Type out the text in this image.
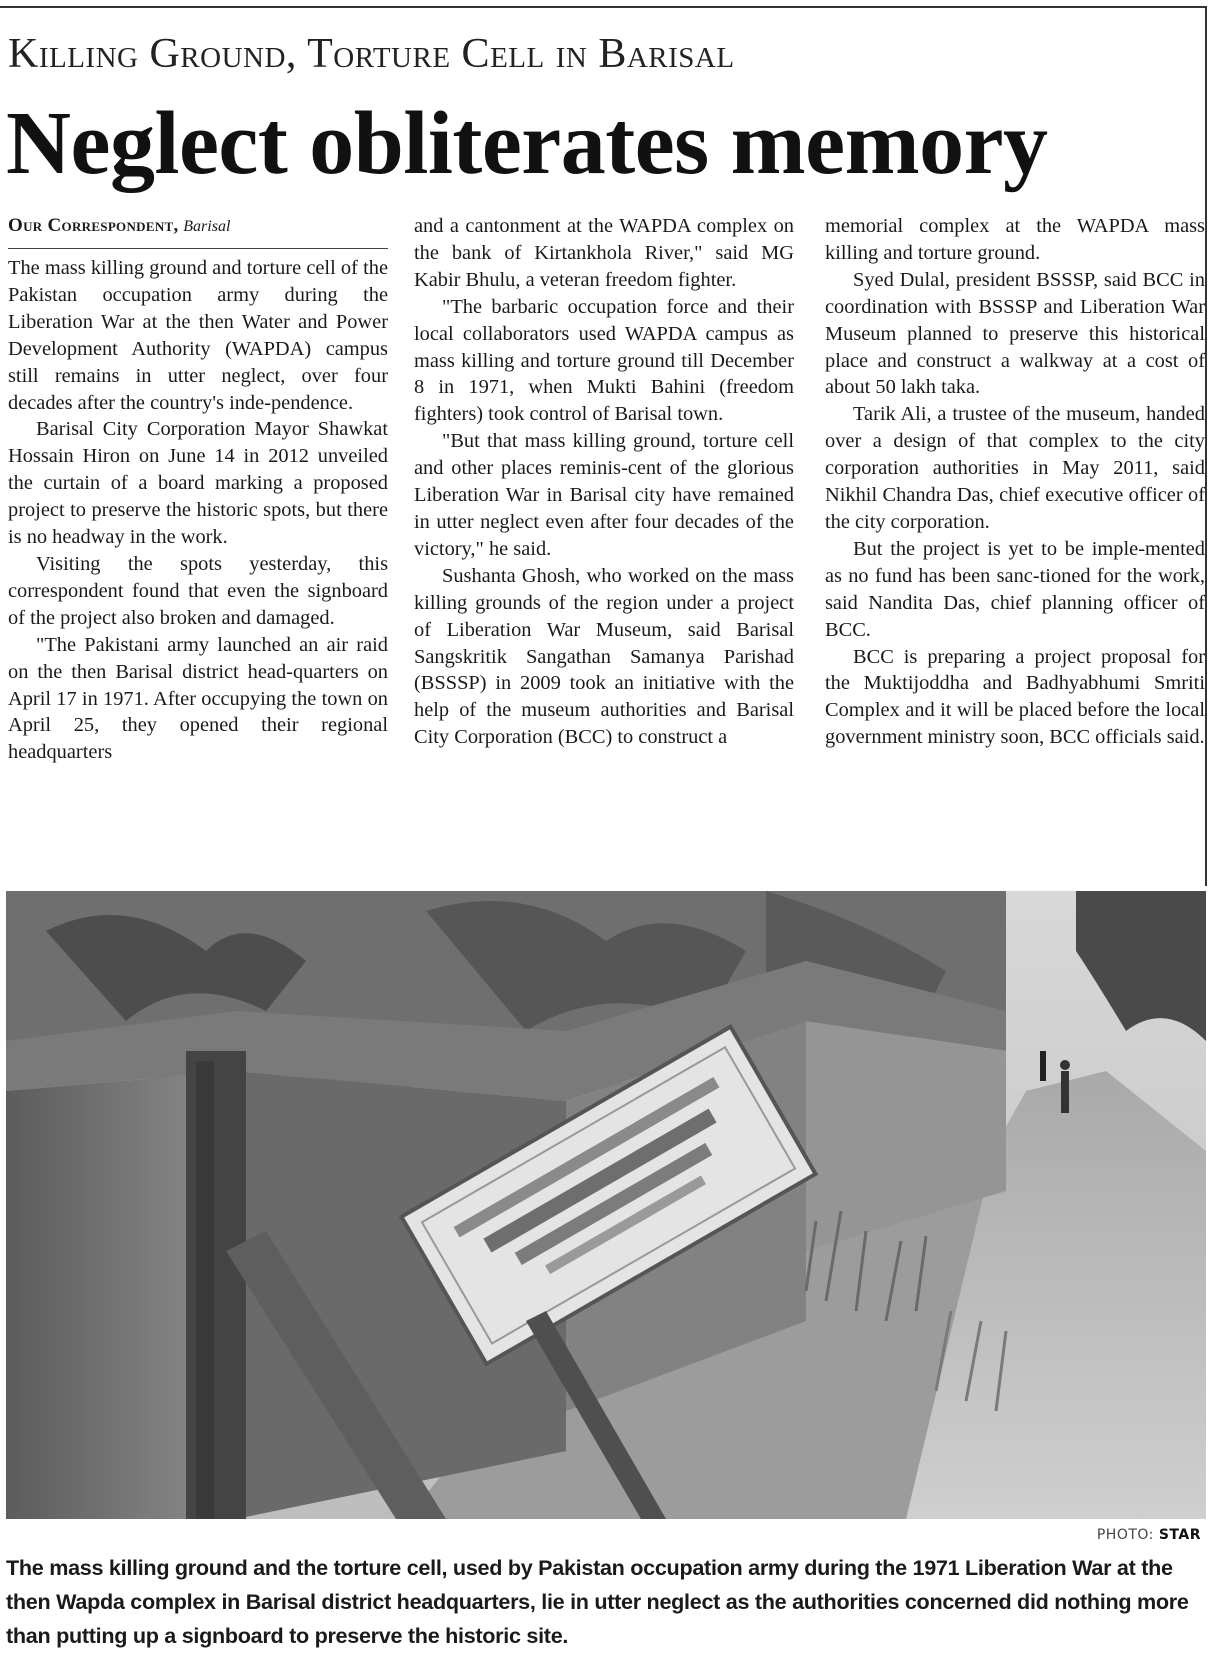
Killing Ground, Torture Cell in Barisal
Neglect obliterates memory
Our Correspondent, Barisal

The mass killing ground and torture cell of the Pakistan occupation army during the Liberation War at the then Water and Power Development Authority (WAPDA) campus still remains in utter neglect, over four decades after the country's inde-pendence.

Barisal City Corporation Mayor Shawkat Hossain Hiron on June 14 in 2012 unveiled the curtain of a board marking a proposed project to preserve the historic spots, but there is no headway in the work.

Visiting the spots yesterday, this correspondent found that even the signboard of the project also broken and damaged.

"The Pakistani army launched an air raid on the then Barisal district head-quarters on April 17 in 1971. After occupying the town on April 25, they opened their regional headquarters

and a cantonment at the WAPDA complex on the bank of Kirtankhola River," said MG Kabir Bhulu, a veteran freedom fighter.

"The barbaric occupation force and their local collaborators used WAPDA campus as mass killing and torture ground till December 8 in 1971, when Mukti Bahini (freedom fighters) took control of Barisal town.

"But that mass killing ground, torture cell and other places reminis-cent of the glorious Liberation War in Barisal city have remained in utter neglect even after four decades of the victory," he said.

Sushanta Ghosh, who worked on the mass killing grounds of the region under a project of Liberation War Museum, said Barisal Sangskritik Sangathan Samanya Parishad (BSSSP) in 2009 took an initiative with the help of the museum authorities and Barisal City Corporation (BCC) to construct a

memorial complex at the WAPDA mass killing and torture ground.

Syed Dulal, president BSSSP, said BCC in coordination with BSSSP and Liberation War Museum planned to preserve this historical place and construct a walkway at a cost of about 50 lakh taka.

Tarik Ali, a trustee of the museum, handed over a design of that complex to the city corporation authorities in May 2011, said Nikhil Chandra Das, chief executive officer of the city corporation.

But the project is yet to be imple-mented as no fund has been sanc-tioned for the work, said Nandita Das, chief planning officer of BCC.

BCC is preparing a project proposal for the Muktijoddha and Badhyabhumi Smriti Complex and it will be placed before the local government ministry soon, BCC officials said.

PHOTO: STAR
The mass killing ground and the torture cell, used by Pakistan occupation army during the 1971 Liberation War at the then Wapda complex in Barisal district headquarters, lie in utter neglect as the authorities concerned did nothing more than putting up a signboard to preserve the historic site.
